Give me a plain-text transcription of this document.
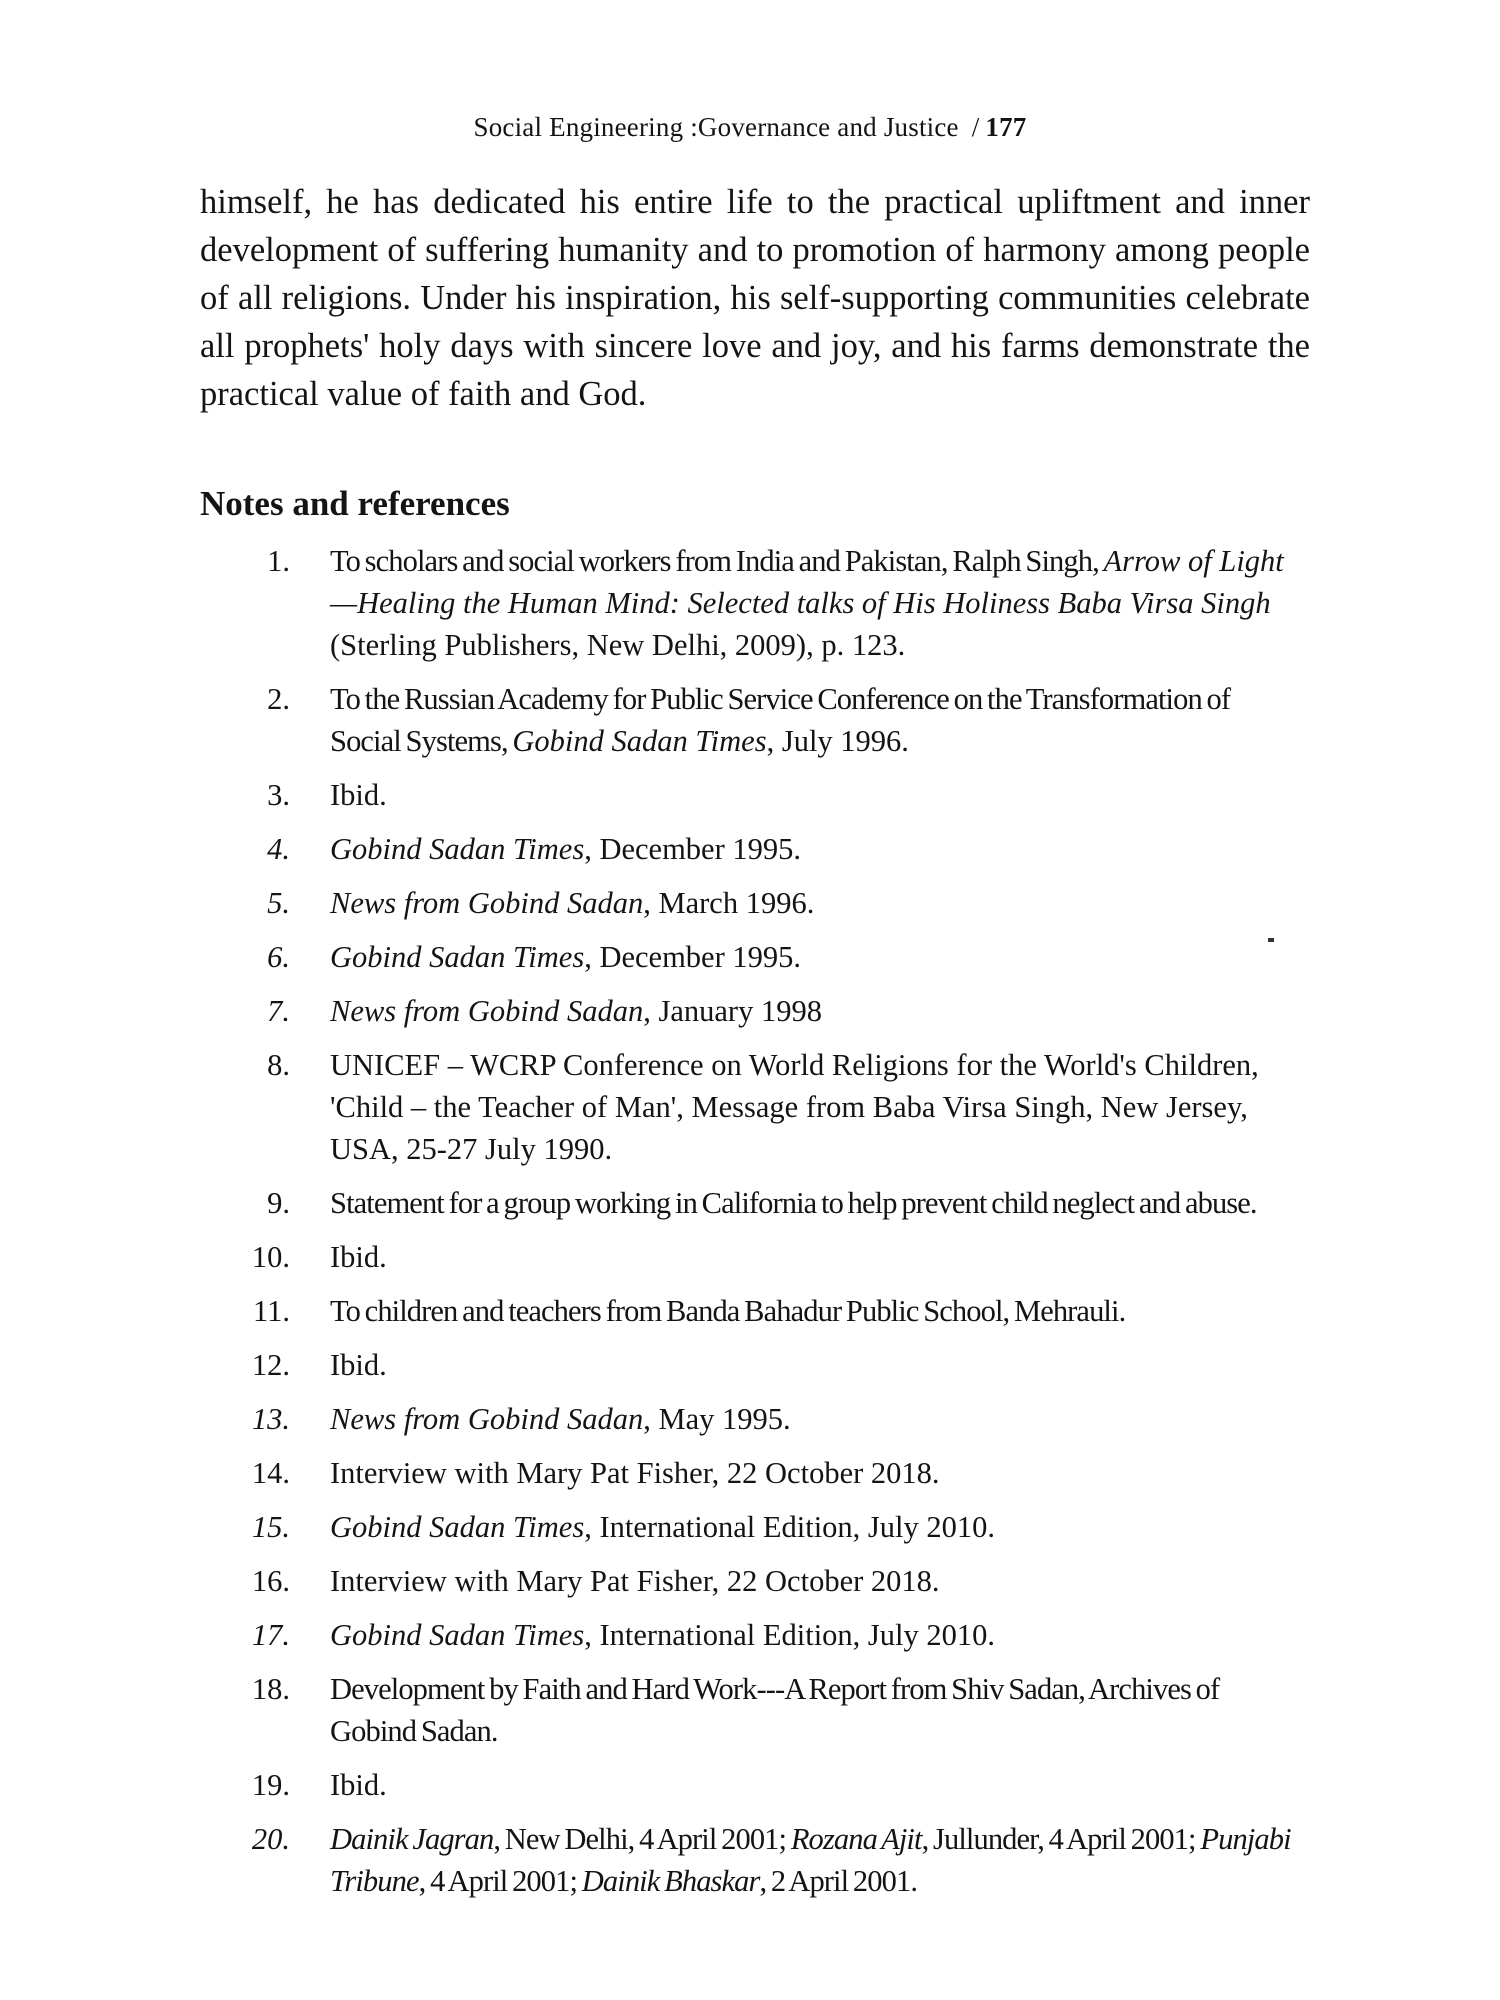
Social Engineering :Governance and Justice / 177

himself, he has dedicated his entire life to the practical upliftment and inner development of suffering humanity and to promotion of harmony among people of all religions. Under his inspiration, his self-supporting communities celebrate all prophets' holy days with sincere love and joy, and his farms demonstrate the practical value of faith and God.

Notes and references
1. To scholars and social workers from India and Pakistan, Ralph Singh, Arrow of Light—Healing the Human Mind: Selected talks of His Holiness Baba Virsa Singh (Sterling Publishers, New Delhi, 2009), p. 123.
2. To the Russian Academy for Public Service Conference on the Transformation of Social Systems, Gobind Sadan Times, July 1996.
3. Ibid.
4. Gobind Sadan Times, December 1995.
5. News from Gobind Sadan, March 1996.
6. Gobind Sadan Times, December 1995.
7. News from Gobind Sadan, January 1998
8. UNICEF – WCRP Conference on World Religions for the World's Children, 'Child – the Teacher of Man', Message from Baba Virsa Singh, New Jersey, USA, 25-27 July 1990.
9. Statement for a group working in California to help prevent child neglect and abuse.
10. Ibid.
11. To children and teachers from Banda Bahadur Public School, Mehrauli.
12. Ibid.
13. News from Gobind Sadan, May 1995.
14. Interview with Mary Pat Fisher, 22 October 2018.
15. Gobind Sadan Times, International Edition, July 2010.
16. Interview with Mary Pat Fisher, 22 October 2018.
17. Gobind Sadan Times, International Edition, July 2010.
18. Development by Faith and Hard Work---A Report from Shiv Sadan, Archives of Gobind Sadan.
19. Ibid.
20. Dainik Jagran, New Delhi, 4 April 2001; Rozana Ajit, Jullunder, 4 April 2001; Punjabi Tribune, 4 April 2001; Dainik Bhaskar, 2 April 2001.
